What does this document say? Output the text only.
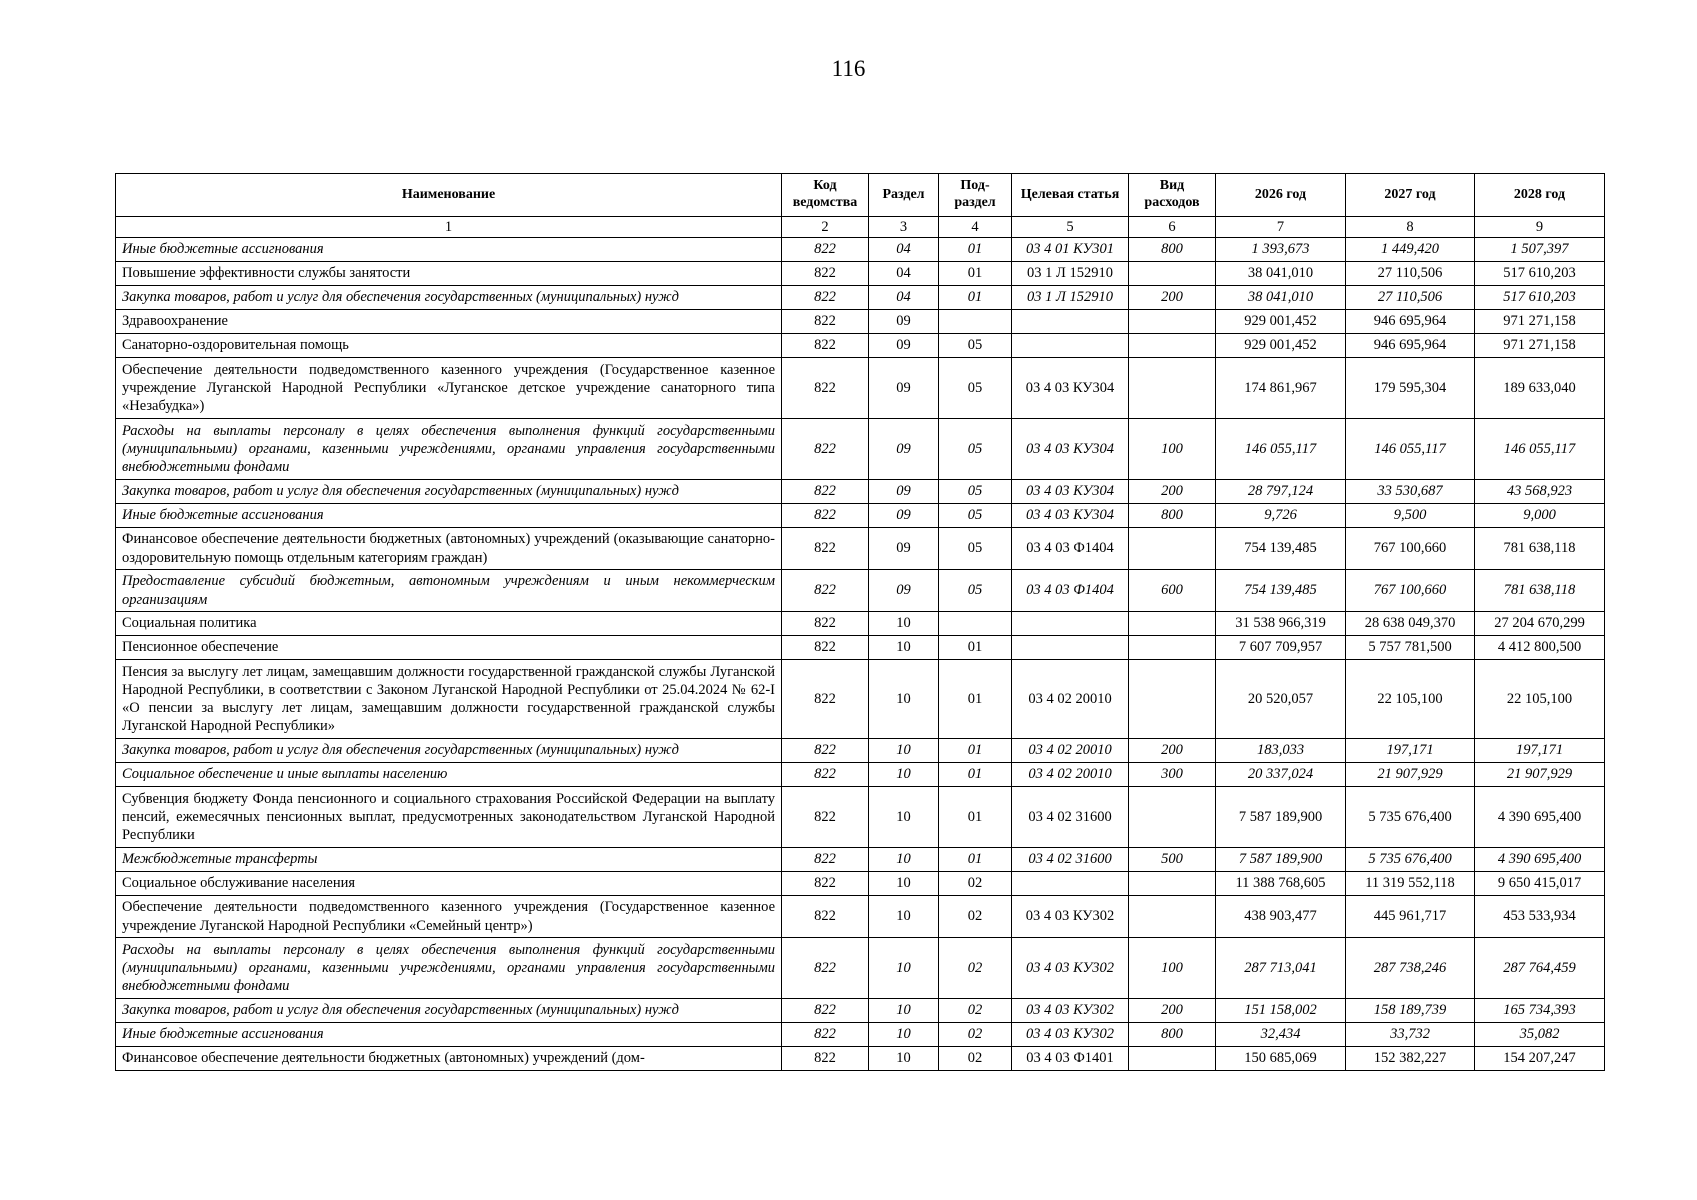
116
Наименование	Код ведомства	Раздел	Под-раздел	Целевая статья	Вид расходов	2026 год	2027 год	2028 год
1	2	3	4	5	6	7	8	9
Иные бюджетные ассигнования	822	04	01	03 4 01 КУ301	800	1 393,673	1 449,420	1 507,397
Повышение эффективности службы занятости	822	04	01	03 1 Л 152910		38 041,010	27 110,506	517 610,203
Закупка товаров, работ и услуг для обеспечения государственных (муниципальных) нужд	822	04	01	03 1 Л 152910	200	38 041,010	27 110,506	517 610,203
Здравоохранение	822	09				929 001,452	946 695,964	971 271,158
Санаторно-оздоровительная помощь	822	09	05			929 001,452	946 695,964	971 271,158
Обеспечение деятельности подведомственного казенного учреждения (Государственное казенное учреждение Луганской Народной Республики «Луганское детское учреждение санаторного типа «Незабудка»)	822	09	05	03 4 03 КУ304		174 861,967	179 595,304	189 633,040
Расходы на выплаты персоналу в целях обеспечения выполнения функций государственными (муниципальными) органами, казенными учреждениями, органами управления государственными внебюджетными фондами	822	09	05	03 4 03 КУ304	100	146 055,117	146 055,117	146 055,117
Закупка товаров, работ и услуг для обеспечения государственных (муниципальных) нужд	822	09	05	03 4 03 КУ304	200	28 797,124	33 530,687	43 568,923
Иные бюджетные ассигнования	822	09	05	03 4 03 КУ304	800	9,726	9,500	9,000
Финансовое обеспечение деятельности бюджетных (автономных) учреждений (оказывающие санаторно-оздоровительную помощь отдельным категориям граждан)	822	09	05	03 4 03 Ф1404		754 139,485	767 100,660	781 638,118
Предоставление субсидий бюджетным, автономным учреждениям и иным некоммерческим организациям	822	09	05	03 4 03 Ф1404	600	754 139,485	767 100,660	781 638,118
Социальная политика	822	10				31 538 966,319	28 638 049,370	27 204 670,299
Пенсионное обеспечение	822	10	01			7 607 709,957	5 757 781,500	4 412 800,500
Пенсия за выслугу лет лицам, замещавшим должности государственной гражданской службы Луганской Народной Республики, в соответствии с Законом Луганской Народной Республики от 25.04.2024 № 62-I «О пенсии за выслугу лет лицам, замещавшим должности государственной гражданской службы Луганской Народной Республики»	822	10	01	03 4 02 20010		20 520,057	22 105,100	22 105,100
Закупка товаров, работ и услуг для обеспечения государственных (муниципальных) нужд	822	10	01	03 4 02 20010	200	183,033	197,171	197,171
Социальное обеспечение и иные выплаты населению	822	10	01	03 4 02 20010	300	20 337,024	21 907,929	21 907,929
Субвенция бюджету Фонда пенсионного и социального страхования Российской Федерации на выплату пенсий, ежемесячных пенсионных выплат, предусмотренных законодательством Луганской Народной Республики	822	10	01	03 4 02 31600		7 587 189,900	5 735 676,400	4 390 695,400
Межбюджетные трансферты	822	10	01	03 4 02 31600	500	7 587 189,900	5 735 676,400	4 390 695,400
Социальное обслуживание населения	822	10	02			11 388 768,605	11 319 552,118	9 650 415,017
Обеспечение деятельности подведомственного казенного учреждения (Государственное казенное учреждение Луганской Народной Республики «Семейный центр»)	822	10	02	03 4 03 КУ302		438 903,477	445 961,717	453 533,934
Расходы на выплаты персоналу в целях обеспечения выполнения функций государственными (муниципальными) органами, казенными учреждениями, органами управления государственными внебюджетными фондами	822	10	02	03 4 03 КУ302	100	287 713,041	287 738,246	287 764,459
Закупка товаров, работ и услуг для обеспечения государственных (муниципальных) нужд	822	10	02	03 4 03 КУ302	200	151 158,002	158 189,739	165 734,393
Иные бюджетные ассигнования	822	10	02	03 4 03 КУ302	800	32,434	33,732	35,082
Финансовое обеспечение деятельности бюджетных (автономных) учреждений (дом-	822	10	02	03 4 03 Ф1401		150 685,069	152 382,227	154 207,247
